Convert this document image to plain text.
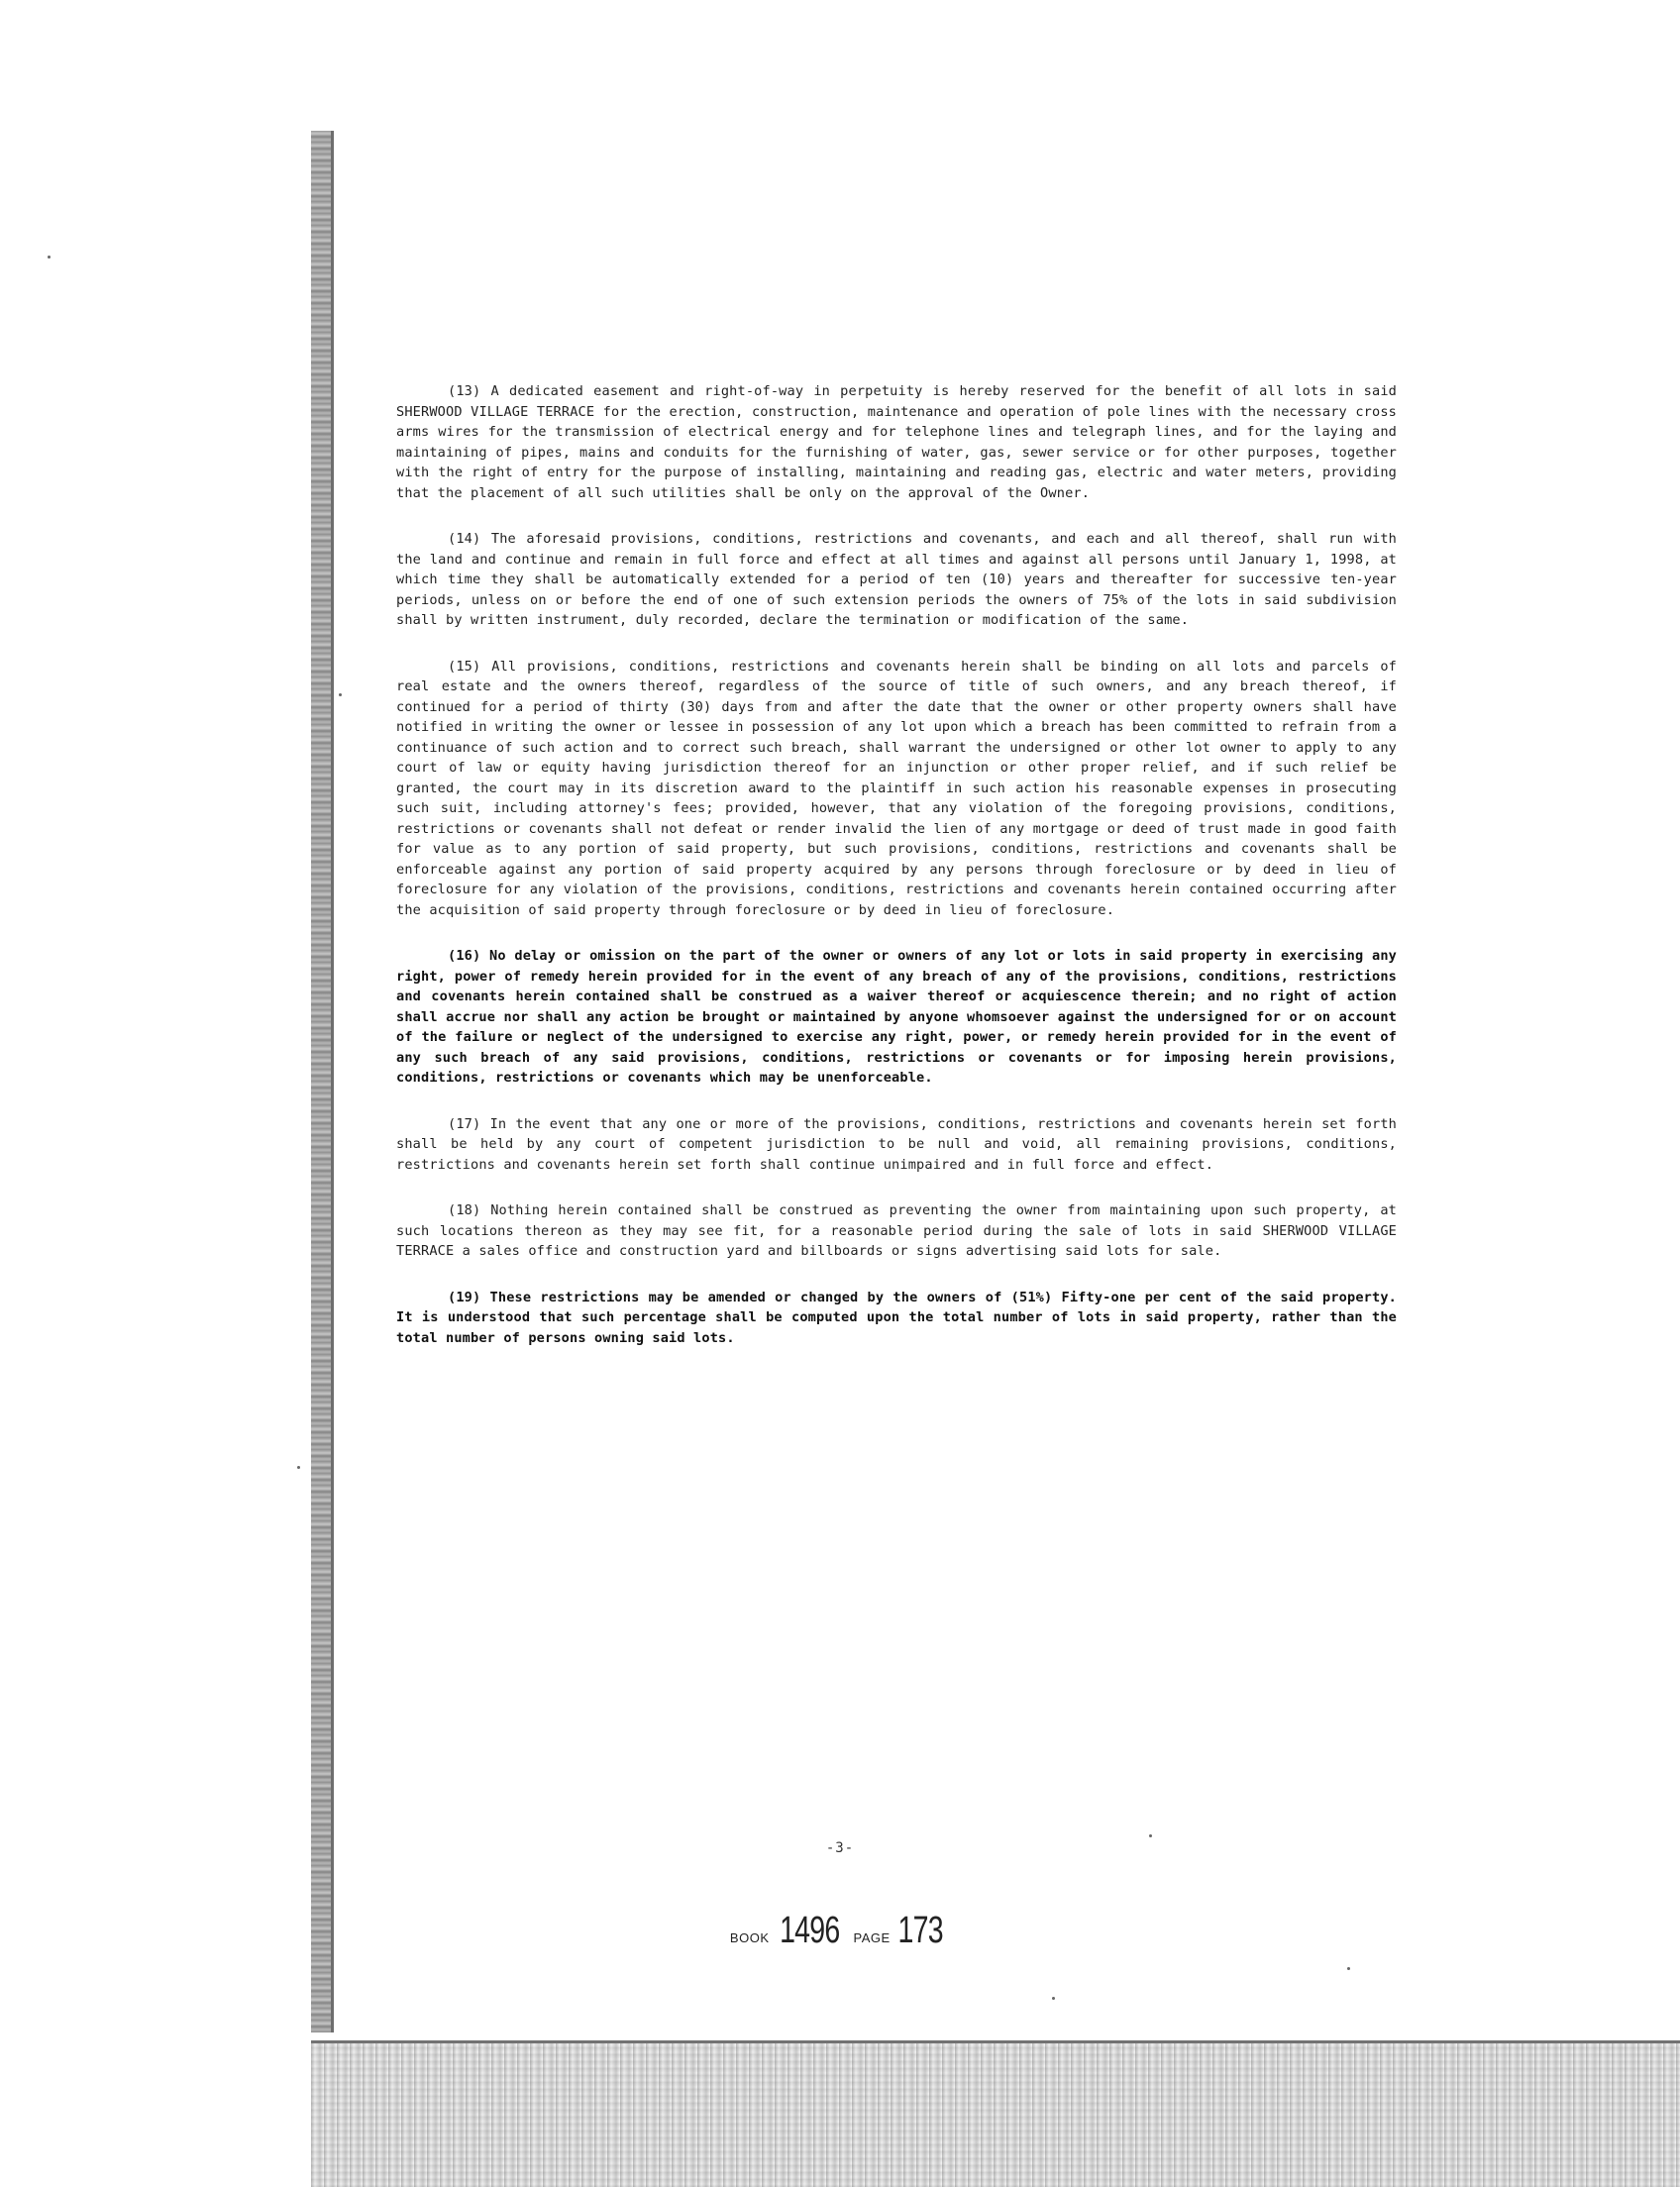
(13) A dedicated easement and right-of-way in perpetuity is hereby reserved for the benefit of all lots in said SHERWOOD VILLAGE TERRACE for the erection, construction, maintenance and operation of pole lines with the necessary cross arms wires for the transmission of electrical energy and for telephone lines and telegraph lines, and for the laying and maintaining of pipes, mains and conduits for the furnishing of water, gas, sewer service or for other purposes, together with the right of entry for the purpose of installing, maintaining and reading gas, electric and water meters, providing that the placement of all such utilities shall be only on the approval of the Owner.

(14) The aforesaid provisions, conditions, restrictions and covenants, and each and all thereof, shall run with the land and continue and remain in full force and effect at all times and against all persons until January 1, 1998, at which time they shall be automatically extended for a period of ten (10) years and thereafter for successive ten-year periods, unless on or before the end of one of such extension periods the owners of 75% of the lots in said subdivision shall by written instrument, duly recorded, declare the termination or modification of the same.

(15) All provisions, conditions, restrictions and covenants herein shall be binding on all lots and parcels of real estate and the owners thereof, regardless of the source of title of such owners, and any breach thereof, if continued for a period of thirty (30) days from and after the date that the owner or other property owners shall have notified in writing the owner or lessee in possession of any lot upon which a breach has been committed to refrain from a continuance of such action and to correct such breach, shall warrant the undersigned or other lot owner to apply to any court of law or equity having jurisdiction thereof for an injunction or other proper relief, and if such relief be granted, the court may in its discretion award to the plaintiff in such action his reasonable expenses in prosecuting such suit, including attorney's fees; provided, however, that any violation of the foregoing provisions, conditions, restrictions or covenants shall not defeat or render invalid the lien of any mortgage or deed of trust made in good faith for value as to any portion of said property, but such provisions, conditions, restrictions and covenants shall be enforceable against any portion of said property acquired by any persons through foreclosure or by deed in lieu of foreclosure for any violation of the provisions, conditions, restrictions and covenants herein contained occurring after the acquisition of said property through foreclosure or by deed in lieu of foreclosure.

(16) No delay or omission on the part of the owner or owners of any lot or lots in said property in exercising any right, power of remedy herein provided for in the event of any breach of any of the provisions, conditions, restrictions and covenants herein contained shall be construed as a waiver thereof or acquiescence therein; and no right of action shall accrue nor shall any action be brought or maintained by anyone whomsoever against the undersigned for or on account of the failure or neglect of the undersigned to exercise any right, power, or remedy herein provided for in the event of any such breach of any said provisions, conditions, restrictions or covenants or for imposing herein provisions, conditions, restrictions or covenants which may be unenforceable.

(17) In the event that any one or more of the provisions, conditions, restrictions and covenants herein set forth shall be held by any court of competent jurisdiction to be null and void, all remaining provisions, conditions, restrictions and covenants herein set forth shall continue unimpaired and in full force and effect.

(18) Nothing herein contained shall be construed as preventing the owner from maintaining upon such property, at such locations thereon as they may see fit, for a reasonable period during the sale of lots in said SHERWOOD VILLAGE TERRACE a sales office and construction yard and billboards or signs advertising said lots for sale.

(19) These restrictions may be amended or changed by the owners of (51%) Fifty-one per cent of the said property. It is understood that such percentage shall be computed upon the total number of lots in said property, rather than the total number of persons owning said lots.

-3-
BOOK 1496 PAGE 173
